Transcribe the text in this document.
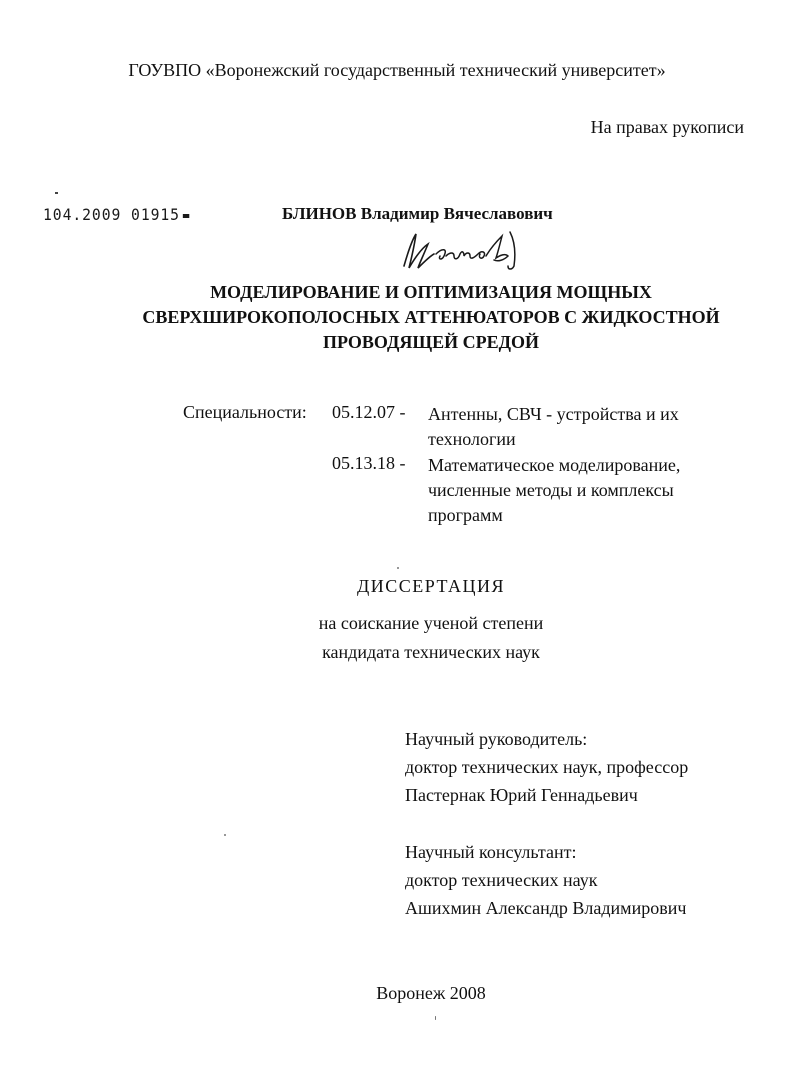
ГОУВПО «Воронежский государственный технический университет»
На правах рукописи
104.2009 01915	БЛИНОВ Владимир Вячеславович
МОДЕЛИРОВАНИЕ И ОПТИМИЗАЦИЯ МОЩНЫХ
СВЕРХШИРОКОПОЛОСНЫХ АТТЕНЮАТОРОВ С ЖИДКОСТНОЙ
ПРОВОДЯЩЕЙ СРЕДОЙ
Специальности: 05.12.07 - Антенны, СВЧ - устройства и их
технологии
05.13.18 - Математическое моделирование,
численные методы и комплексы
программ
ДИССЕРТАЦИЯ
на соискание ученой степени
кандидата технических наук
Научный руководитель:
доктор технических наук, профессор
Пастернак Юрий Геннадьевич
Научный консультант:
доктор технических наук
Ашихмин Александр Владимирович
Воронеж 2008
